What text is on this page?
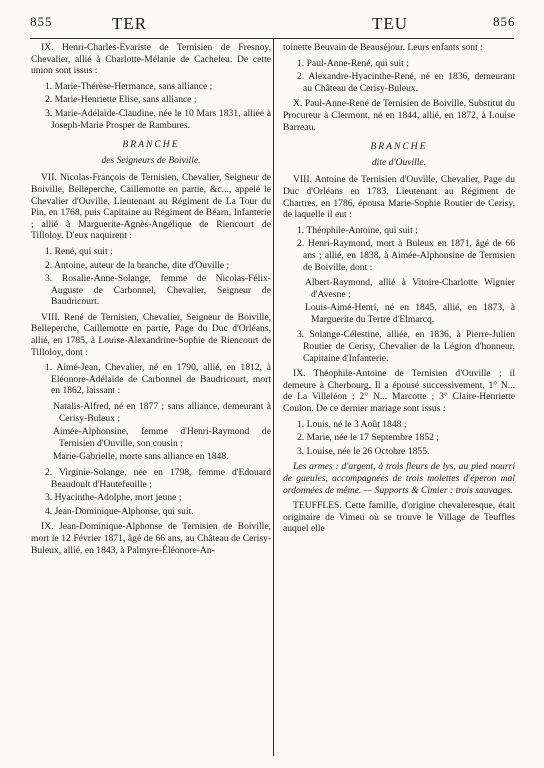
855	TER	TEU	856

IX. Henri-Charles-Evariste de Ternisien de Fresnoy, Chevalier, allié à Charlotte-Mélanie de Cacheleu. De cette union sont issus :

1. Marie-Thérèse-Hermance, sans alliance ;
2. Marie-Henriette Elise, sans alliance ;
3. Marie-Adélaïde-Claudine, née le 10 Mars 1831, alliée à Joseph-Marie Prosper de Rambures.

BRANCHE

des Seigneurs de Boiville.

VII. Nicolas-François de Ternisien, Chevalier, Seigneur de Boiville, Belleperche, Caillemotte en partie, &c..., appelé le Chevalier d'Ouville, Lieutenant au Régiment de La Tour du Pin, en 1768, puis Capitaine au Régiment de Béarn, Infanterie ; allié à Marguerite-Agnès-Angélique de Riencourt de Tilloloy. D'eux naquirent :

1. René, qui suit ;
2. Antoine, auteur de la branche, dite d'Ouville ;
3. Rosalie-Anne-Solange, femme de Nicolas-Félix-Auguste de Carbonnel, Chevalier, Seigneur de Baudricourt.

VIII. René de Ternisien, Chevalier, Seigneur de Boiville, Belleperche, Caillemotte en partie, Page du Duc d'Orléans, allié, en 1785, à Louise-Alexandrine-Sophie de Riencourt de Tilloloy, dont :

1. Aimé-Jean, Chevalier, né en 1790, allié, en 1812, à Eléonore-Adélaïde de Carbonnel de Baudricourt, mort en 1862, laissant :
Natalis-Alfred, né en 1877 ; sans alliance, demeurant à Cerisy-Buleux ;
Aimée-Alphonsine, femme d'Henri-Raymond de Ternisien d'Ouville, son cousin ;
Marie-Gabrielle, morte sans alliance en 1848.
2. Virginie-Solange, née en 1798, femme d'Edouard Beaudoult d'Hautefeuille ;
3. Hyacinthe-Adolphe, mort jeune ;
4. Jean-Dominique-Alphonse, qui suit.

IX. Jean-Dominique-Alphonse de Ternisien de Boiville, mort le 12 Février 1871, âgé de 66 ans, au Château de Cerisy-Buleux, allié, en 1843, à Palmyre-Éléonore-An-

toinette Beuvain de Beauséjour. Leurs enfants sont :

1. Paul-Anne-René, qui suit ;
2. Alexandre-Hyacinthe-René, né en 1836, demeurant au Château de Cerisy-Buleux.

X. Paul-Anne-René de Ternisien de Boiville, Substitut du Procureur à Clermont, né en 1844, allié, en 1872, à Louise Barreau.

BRANCHE

dite d'Ouville.

VIII. Antoine de Ternisien d'Ouville, Chevalier, Page du Duc d'Orléans en 1783, Lieutenant au Régiment de Chartres, en 1786, épousa Marie-Sophie Routier de Cerisy, de laquelle il eut :

1. Théophile-Antoine, qui suit ;
2. Henri-Raymond, mort à Buleux en 1871, âgé de 66 ans ; allié, en 1838, à Aimée-Alphonsine de Ternisien de Boiville, dont :
Albert-Raymond, allié à Vitoire-Charlotte Wignier d'Avesne ;
Louis-Aimé-Henri, né en 1845, allié, en 1873, à Marguerite du Tertre d'Elmarcq.
3. Solange-Célestine, alliée, en 1836, à Pierre-Julien Routier de Cerisy, Chevalier de la Légion d'honneur, Capitaine d'Infanterie.

IX. Théophile-Antoine de Ternisien d'Ouville ; il demeure à Cherbourg. Il a épousé successivement, 1° N... de La Villeléon ; 2° N... Marcotte ; 3° Claire-Henriette Coulon. De ce dernier mariage sont issus :

1. Louis, né le 3 Août 1848 ;
2. Marie, née le 17 Septembre 1852 ;
3. Louise, née le 26 Octobre 1855.

Les armes : d'argent, à trois fleurs de lys, au pied nourri de gueules, accompagnées de trois molettes d'éperon mal ordonnées de même. — Supports & Cimier : trois sauvages.

TEUFFLES. Cette famille, d'origine chevaleresque, était originaire de Vimeu où se trouve le Village de Teuffles auquel elle
